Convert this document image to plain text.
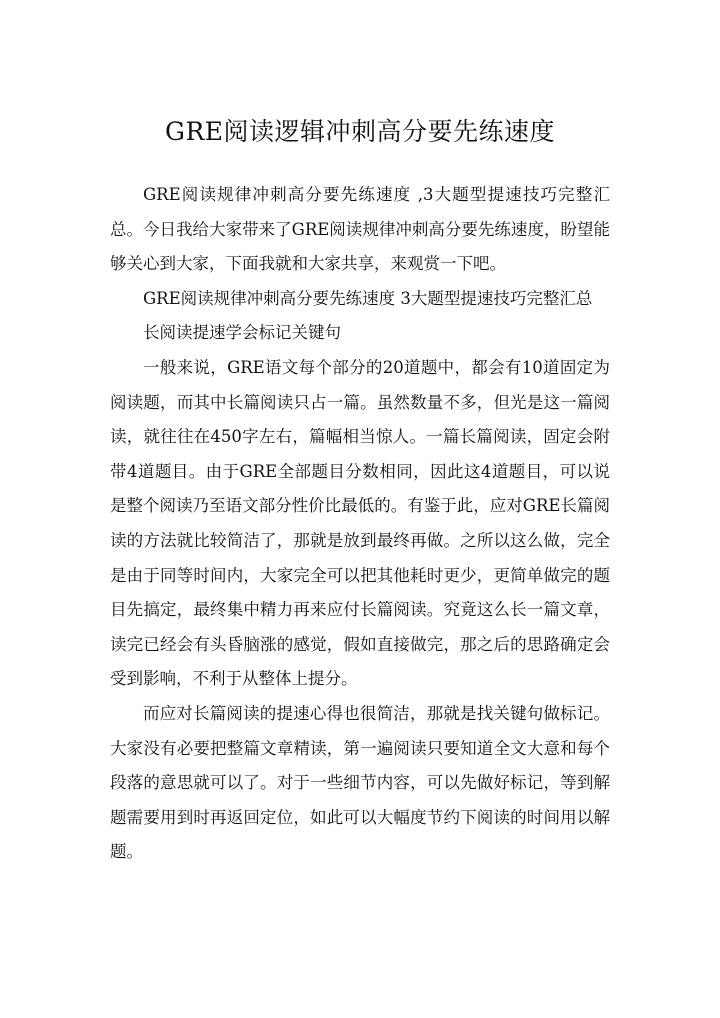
GRE阅读逻辑冲刺高分要先练速度

GRE阅读规律冲刺高分要先练速度 ,3大题型提速技巧完整汇总。今日我给大家带来了GRE阅读规律冲刺高分要先练速度，盼望能够关心到大家，下面我就和大家共享，来观赏一下吧。

GRE阅读规律冲刺高分要先练速度 3大题型提速技巧完整汇总

长阅读提速学会标记关键句

一般来说，GRE语文每个部分的20道题中，都会有10道固定为阅读题，而其中长篇阅读只占一篇。虽然数量不多，但光是这一篇阅读，就往往在450字左右，篇幅相当惊人。一篇长篇阅读，固定会附带4道题目。由于GRE全部题目分数相同，因此这4道题目，可以说是整个阅读乃至语文部分性价比最低的。有鉴于此，应对GRE长篇阅读的方法就比较简洁了，那就是放到最终再做。之所以这么做，完全是由于同等时间内，大家完全可以把其他耗时更少，更简单做完的题目先搞定，最终集中精力再来应付长篇阅读。究竟这么长一篇文章，读完已经会有头昏脑涨的感觉，假如直接做完，那之后的思路确定会受到影响，不利于从整体上提分。

而应对长篇阅读的提速心得也很简洁，那就是找关键句做标记。大家没有必要把整篇文章精读，第一遍阅读只要知道全文大意和每个段落的意思就可以了。对于一些细节内容，可以先做好标记，等到解题需要用到时再返回定位，如此可以大幅度节约下阅读的时间用以解题。
